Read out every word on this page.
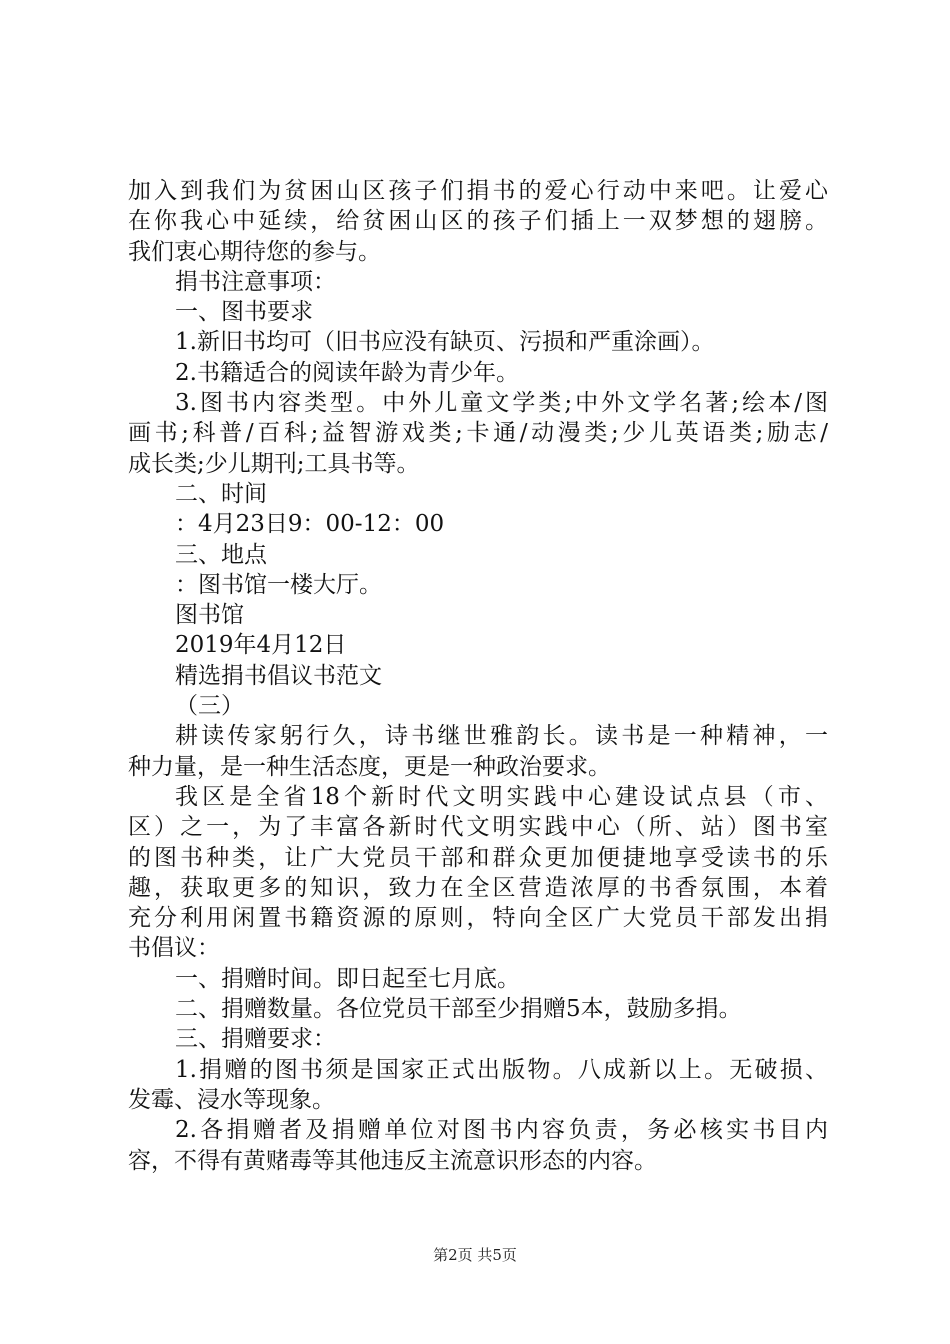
加入到我们为贫困山区孩子们捐书的爱心行动中来吧。让爱心
在你我心中延续，给贫困山区的孩子们插上一双梦想的翅膀。
我们衷心期待您的参与。
捐书注意事项：
一、图书要求
1.新旧书均可（旧书应没有缺页、污损和严重涂画）。
2.书籍适合的阅读年龄为青少年。
3.图书内容类型。中外儿童文学类;中外文学名著;绘本/图
画书;科普/百科;益智游戏类;卡通/动漫类;少儿英语类;励志/
成长类;少儿期刊;工具书等。
二、时间
：4月23日9：00-12：00
三、地点
：图书馆一楼大厅。
图书馆
2019年4月12日
精选捐书倡议书范文
（三）
耕读传家躬行久，诗书继世雅韵长。读书是一种精神，一
种力量，是一种生活态度，更是一种政治要求。
我区是全省18个新时代文明实践中心建设试点县（市、
区）之一，为了丰富各新时代文明实践中心（所、站）图书室
的图书种类，让广大党员干部和群众更加便捷地享受读书的乐
趣，获取更多的知识，致力在全区营造浓厚的书香氛围，本着
充分利用闲置书籍资源的原则，特向全区广大党员干部发出捐
书倡议：
一、捐赠时间。即日起至七月底。
二、捐赠数量。各位党员干部至少捐赠5本，鼓励多捐。
三、捐赠要求：
1.捐赠的图书须是国家正式出版物。八成新以上。无破损、
发霉、浸水等现象。
2.各捐赠者及捐赠单位对图书内容负责，务必核实书目内
容，不得有黄赌毒等其他违反主流意识形态的内容。
第2页 共5页
